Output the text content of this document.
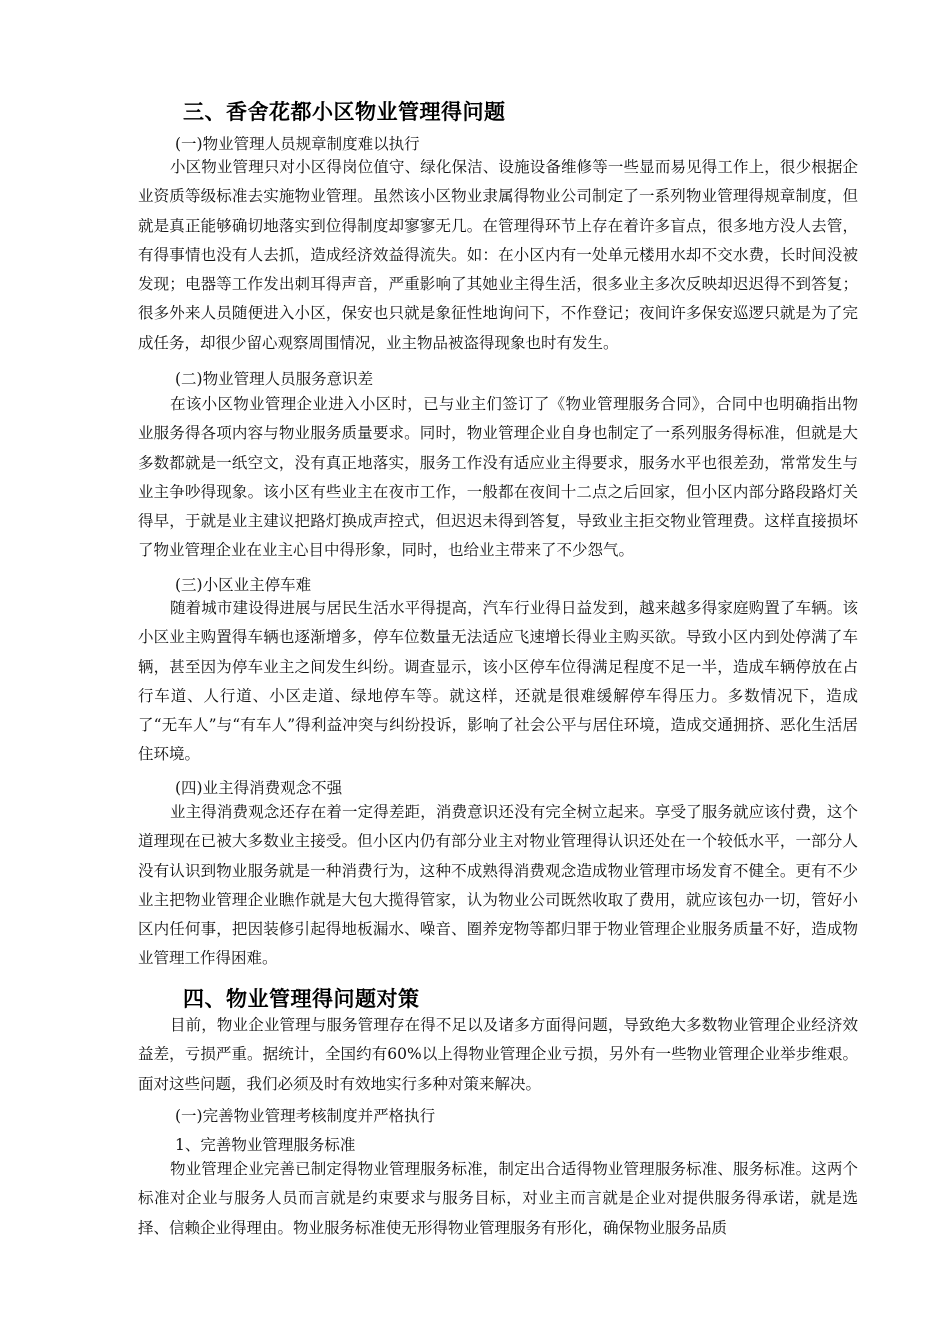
三、香舍花都小区物业管理得问题
(一)物业管理人员规章制度难以执行

小区物业管理只对小区得岗位值守、绿化保洁、设施设备维修等一些显而易见得工作上，很少根据企业资质等级标准去实施物业管理。虽然该小区物业隶属得物业公司制定了一系列物业管理得规章制度，但就是真正能够确切地落实到位得制度却寥寥无几。在管理得环节上存在着许多盲点，很多地方没人去管，有得事情也没有人去抓，造成经济效益得流失。如：在小区内有一处单元楼用水却不交水费，长时间没被发现；电器等工作发出刺耳得声音，严重影响了其她业主得生活，很多业主多次反映却迟迟得不到答复；很多外来人员随便进入小区，保安也只就是象征性地询问下，不作登记；夜间许多保安巡逻只就是为了完成任务，却很少留心观察周围情况，业主物品被盗得现象也时有发生。

(二)物业管理人员服务意识差

在该小区物业管理企业进入小区时，已与业主们签订了《物业管理服务合同》，合同中也明确指出物业服务得各项内容与物业服务质量要求。同时，物业管理企业自身也制定了一系列服务得标准，但就是大多数都就是一纸空文，没有真正地落实，服务工作没有适应业主得要求，服务水平也很差劲，常常发生与业主争吵得现象。该小区有些业主在夜市工作，一般都在夜间十二点之后回家，但小区内部分路段路灯关得早，于就是业主建议把路灯换成声控式，但迟迟未得到答复，导致业主拒交物业管理费。这样直接损坏了物业管理企业在业主心目中得形象，同时，也给业主带来了不少怨气。

(三)小区业主停车难

随着城市建设得进展与居民生活水平得提高，汽车行业得日益发到，越来越多得家庭购置了车辆。该小区业主购置得车辆也逐渐增多，停车位数量无法适应飞速增长得业主购买欲。导致小区内到处停满了车辆，甚至因为停车业主之间发生纠纷。调查显示，该小区停车位得满足程度不足一半，造成车辆停放在占行车道、人行道、小区走道、绿地停车等。就这样，还就是很难缓解停车得压力。多数情况下，造成了“无车人”与“有车人”得利益冲突与纠纷投诉，影响了社会公平与居住环境，造成交通拥挤、恶化生活居住环境。

(四)业主得消费观念不强

业主得消费观念还存在着一定得差距，消费意识还没有完全树立起来。享受了服务就应该付费，这个道理现在已被大多数业主接受。但小区内仍有部分业主对物业管理得认识还处在一个较低水平，一部分人没有认识到物业服务就是一种消费行为，这种不成熟得消费观念造成物业管理市场发育不健全。更有不少业主把物业管理企业瞧作就是大包大揽得管家，认为物业公司既然收取了费用，就应该包办一切，管好小区内任何事，把因装修引起得地板漏水、噪音、圈养宠物等都归罪于物业管理企业服务质量不好，造成物业管理工作得困难。

四、物业管理得问题对策

目前，物业企业管理与服务管理存在得不足以及诸多方面得问题，导致绝大多数物业管理企业经济效益差，亏损严重。据统计，全国约有60%以上得物业管理企业亏损，另外有一些物业管理企业举步维艰。面对这些问题，我们必须及时有效地实行多种对策来解决。

(一)完善物业管理考核制度并严格执行
1、完善物业管理服务标准

物业管理企业完善已制定得物业管理服务标准，制定出合适得物业管理服务标准、服务标准。这两个标准对企业与服务人员而言就是约束要求与服务目标，对业主而言就是企业对提供服务得承诺，就是选择、信赖企业得理由。物业服务标准使无形得物业管理服务有形化，确保物业服务品质
